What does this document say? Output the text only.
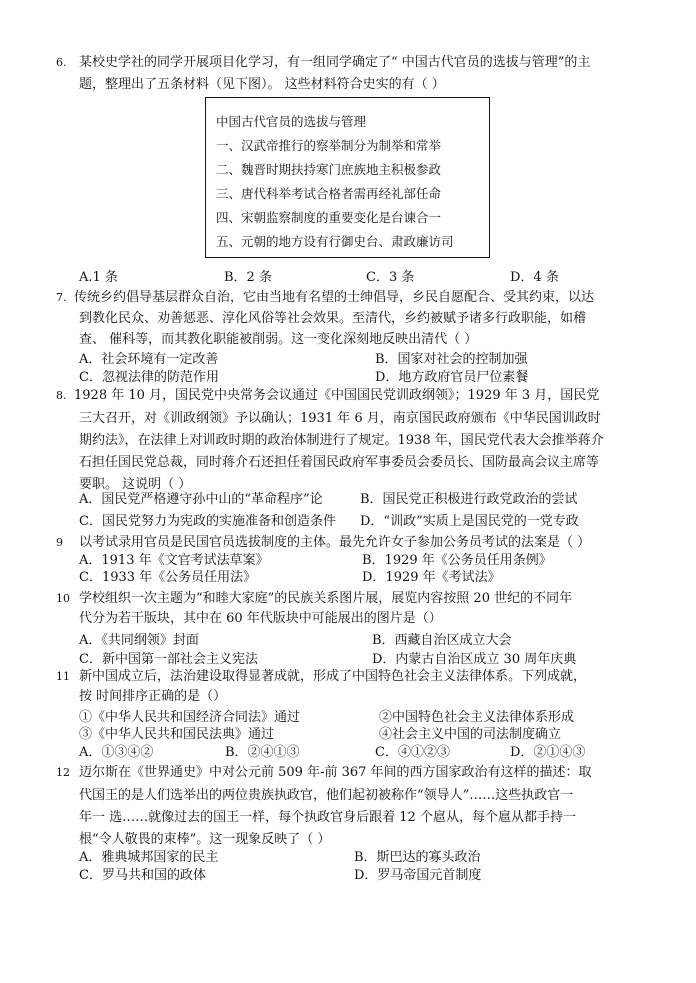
6. 某校史学社的同学开展项目化学习，有一组同学确定了“ 中国古代官员的选拔与管理”的主
题，整理出了五条材料（见下图）。 这些材料符合史实的有（ ）
中国古代官员的选拔与管理
一、汉武帝推行的察举制分为制举和常举
二、魏晋时期扶持寒门庶族地主积极参政
三、唐代科举考试合格者需再经礼部任命
四、宋朝监察制度的重要变化是台谏合一
五、元朝的地方设有行御史台、肃政廉访司
A.1 条	B．2 条	C．3 条	D．4 条
7. 传统乡约倡导基层群众自治，它由当地有名望的士绅倡导，乡民自愿配合、受其约束，以达
到教化民众、劝善惩恶、淳化风俗等社会效果。至清代，乡约被赋予诸多行政职能，如稽
查、 催科等，而其教化职能被削弱。这一变化深刻地反映出清代（ ）
A．社会环境有一定改善	B．国家对社会的控制加强
C．忽视法律的防范作用	D．地方政府官员尸位素餐
8. 1928 年 10 月，国民党中央常务会议通过《中国国民党训政纲领》；1929 年 3 月，国民党
三大召开，对《训政纲领》予以确认；1931 年 6 月，南京国民政府颁布《中华民国训政时
期约法》，在法律上对训政时期的政治体制进行了规定。1938 年，国民党代表大会推举蒋介
石担任国民党总裁，同时蒋介石还担任着国民政府军事委员会委员长、国防最高会议主席等
要职。 这说明（ ）
A．国民党严格遵守孙中山的“革命程序”论	B．国民党正积极进行政党政治的尝试
C．国民党努力为宪政的实施准备和创造条件 D．“训政”实质上是国民党的一党专政
9 以考试录用官员是民国官员选拔制度的主体。最先允许女子参加公务员考试的法案是（ ）
A．1913 年《文官考试法草案》	B．1929 年《公务员任用条例》
C．1933 年《公务员任用法》	D．1929 年《考试法》
10 学校组织一次主题为“和睦大家庭”的民族关系图片展，展览内容按照 20 世纪的不同年
代分为若干版块，其中在 60 年代版块中可能展出的图片是（）
A．《共同纲领》封面	B．西藏自治区成立大会
C．新中国第一部社会主义宪法	D．内蒙古自治区成立 30 周年庆典
11 新中国成立后，法治建设取得显著成就，形成了中国特色社会主义法律体系。下列成就，
按 时间排序正确的是（）
①《中华人民共和国经济合同法》通过	②中国特色社会主义法律体系形成
③《中华人民共和国民法典》通过	④社会主义中国的司法制度确立
A．①③④②	B．②④①③	C．④①②③	D．②①④③
12 迈尔斯在《世界通史》中对公元前 509 年-前 367 年间的西方国家政治有这样的描述：取
代国王的是人们选举出的两位贵族执政官，他们起初被称作“领导人”……这些执政官一
年一 选……就像过去的国王一样，每个执政官身后跟着 12 个扈从，每个扈从都手持一
根“令人敬畏的束棒”。这一现象反映了（ ）
A．雅典城邦国家的民主	B．斯巴达的寡头政治
C．罗马共和国的政体	D．罗马帝国元首制度
